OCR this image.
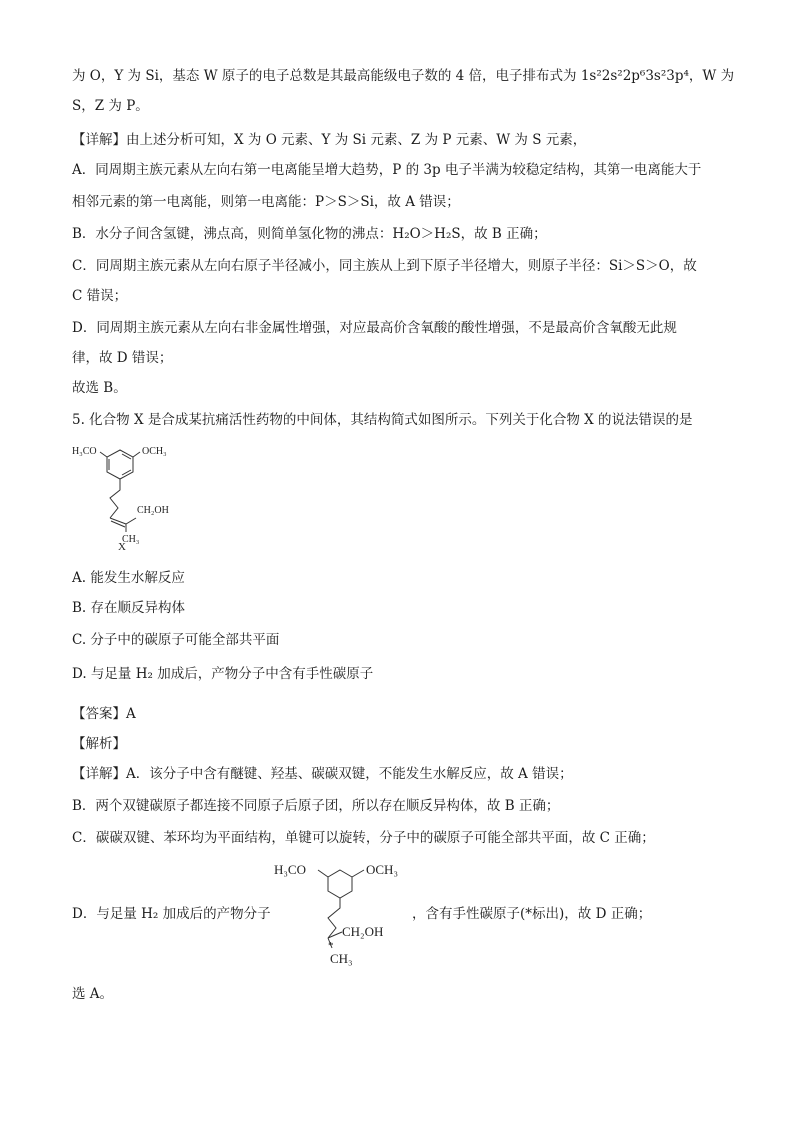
为 O，Y 为 Si，基态 W 原子的电子总数是其最高能级电子数的 4 倍，电子排布式为 1s²2s²2p⁶3s²3p⁴，W 为
S，Z 为 P。
【详解】由上述分析可知，X 为 O 元素、Y 为 Si 元素、Z 为 P 元素、W 为 S 元素，
A．同周期主族元素从左向右第一电离能呈增大趋势，P 的 3p 电子半满为较稳定结构，其第一电离能大于
相邻元素的第一电离能，则第一电离能：P＞S＞Si，故 A 错误；
B．水分子间含氢键，沸点高，则简单氢化物的沸点：H₂O＞H₂S，故 B 正确；
C．同周期主族元素从左向右原子半径减小，同主族从上到下原子半径增大，则原子半径：Si＞S＞O，故
C 错误；
D．同周期主族元素从左向右非金属性增强，对应最高价含氧酸的酸性增强，不是最高价含氧酸无此规
律，故 D 错误；
故选 B。
5. 化合物 X 是合成某抗痛活性药物的中间体，其结构简式如图所示。下列关于化合物 X 的说法错误的是
H₃CO	OCH₃
CH₂OH
CH₃
X
A. 能发生水解反应
B. 存在顺反异构体
C. 分子中的碳原子可能全部共平面
D. 与足量 H₂ 加成后，产物分子中含有手性碳原子
【答案】A
【解析】
【详解】A．该分子中含有醚键、羟基、碳碳双键，不能发生水解反应，故 A 错误；
B．两个双键碳原子都连接不同原子后原子团，所以存在顺反异构体，故 B 正确；
C．碳碳双键、苯环均为平面结构，单键可以旋转，分子中的碳原子可能全部共平面，故 C 正确；
D．与足量 H₂ 加成后的产物分子
H₃CO	OCH₃
CH₂OH
CH₃
*
，含有手性碳原子(*标出)，故 D 正确；
选 A。
